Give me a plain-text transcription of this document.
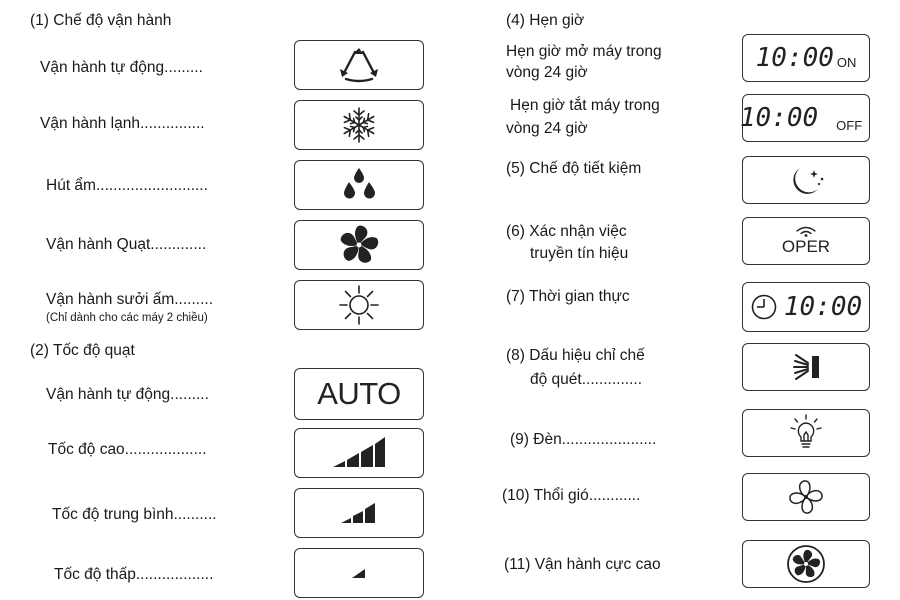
(1) Chế độ vận hành
Vận hành tự động.........
Vận hành lạnh...............
Hút ẩm..........................
Vận hành Quạt.............
Vận hành sưởi ấm.........
(Chỉ dành cho các máy 2 chiều)
(2) Tốc độ quạt
Vận hành tự động.........
Tốc độ cao...................
Tốc độ trung bình..........
Tốc độ thấp..................
AUTO
(4) Hẹn giờ
Hẹn giờ mở máy trong
vòng 24 giờ
Hẹn giờ tắt máy trong
vòng 24 giờ
(5) Chế độ tiết kiệm
(6) Xác nhận việc
truyền tín hiệu
(7) Thời gian thực
(8) Dấu hiệu chỉ chế
độ quét..............
(9) Đèn......................
(10) Thổi gió............
(11) Vận hành cực cao
10:00 ON
10:00 OFF
OPER
10:00
